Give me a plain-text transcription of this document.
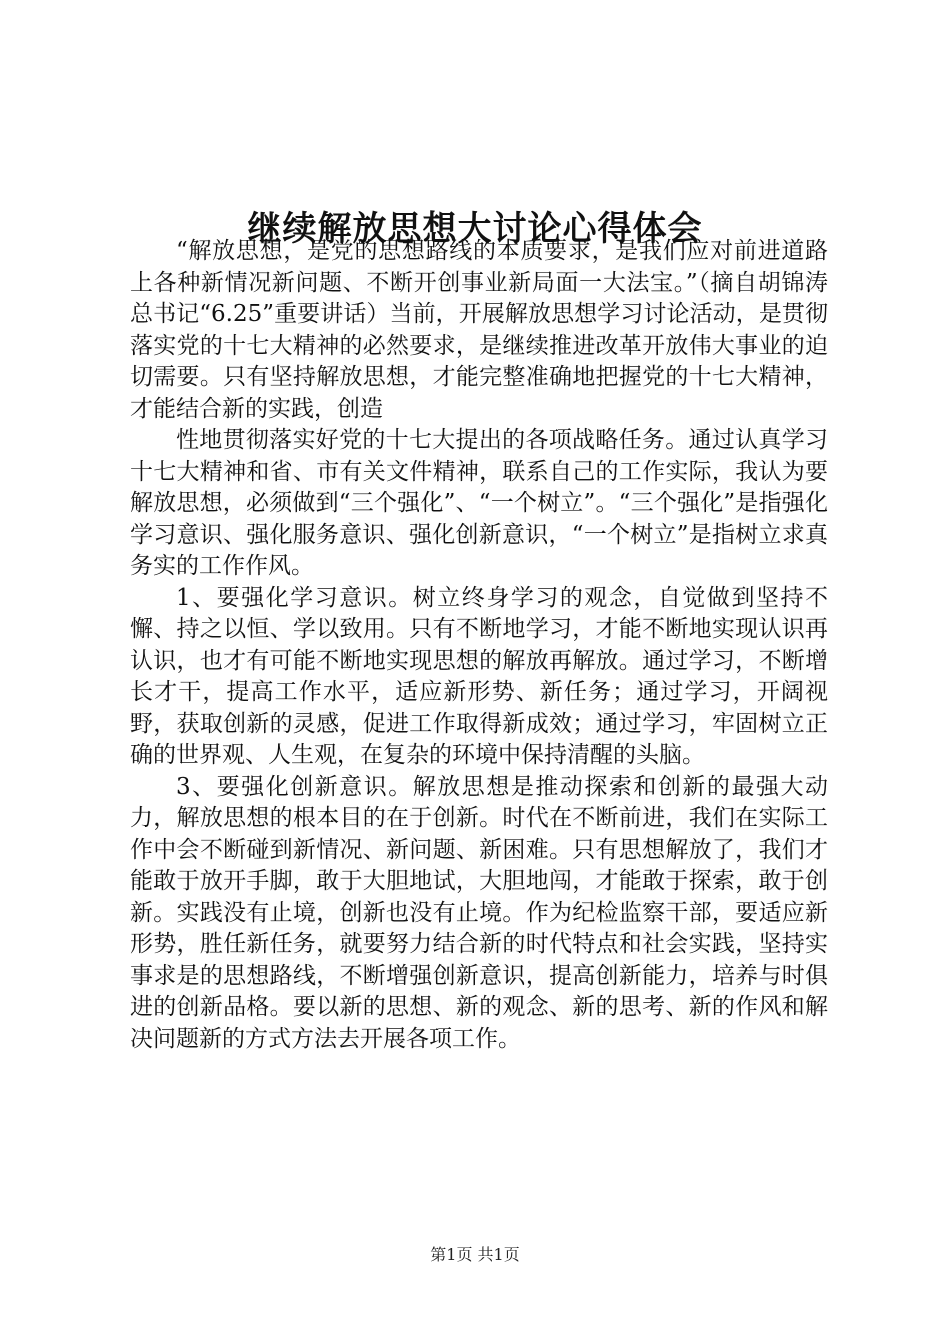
继续解放思想大讨论心得体会

“解放思想，是党的思想路线的本质要求，是我们应对前进道路上各种新情况新问题、不断开创事业新局面一大法宝。”（摘自胡锦涛总书记“6.25”重要讲话）当前，开展解放思想学习讨论活动，是贯彻落实党的十七大精神的必然要求，是继续推进改革开放伟大事业的迫切需要。只有坚持解放思想，才能完整准确地把握党的十七大精神，才能结合新的实践，创造

性地贯彻落实好党的十七大提出的各项战略任务。通过认真学习十七大精神和省、市有关文件精神，联系自己的工作实际，我认为要解放思想，必须做到“三个强化”、“一个树立”。“三个强化”是指强化学习意识、强化服务意识、强化创新意识，“一个树立”是指树立求真务实的工作作风。

1、要强化学习意识。树立终身学习的观念，自觉做到坚持不懈、持之以恒、学以致用。只有不断地学习，才能不断地实现认识再认识，也才有可能不断地实现思想的解放再解放。通过学习，不断增长才干，提高工作水平，适应新形势、新任务；通过学习，开阔视野，获取创新的灵感，促进工作取得新成效；通过学习，牢固树立正确的世界观、人生观，在复杂的环境中保持清醒的头脑。

3、要强化创新意识。解放思想是推动探索和创新的最强大动力，解放思想的根本目的在于创新。时代在不断前进，我们在实际工作中会不断碰到新情况、新问题、新困难。只有思想解放了，我们才能敢于放开手脚，敢于大胆地试，大胆地闯，才能敢于探索，敢于创新。实践没有止境，创新也没有止境。作为纪检监察干部，要适应新形势，胜任新任务，就要努力结合新的时代特点和社会实践，坚持实事求是的思想路线，不断增强创新意识，提高创新能力，培养与时俱进的创新品格。要以新的思想、新的观念、新的思考、新的作风和解决问题新的方式方法去开展各项工作。

第1页 共1页
